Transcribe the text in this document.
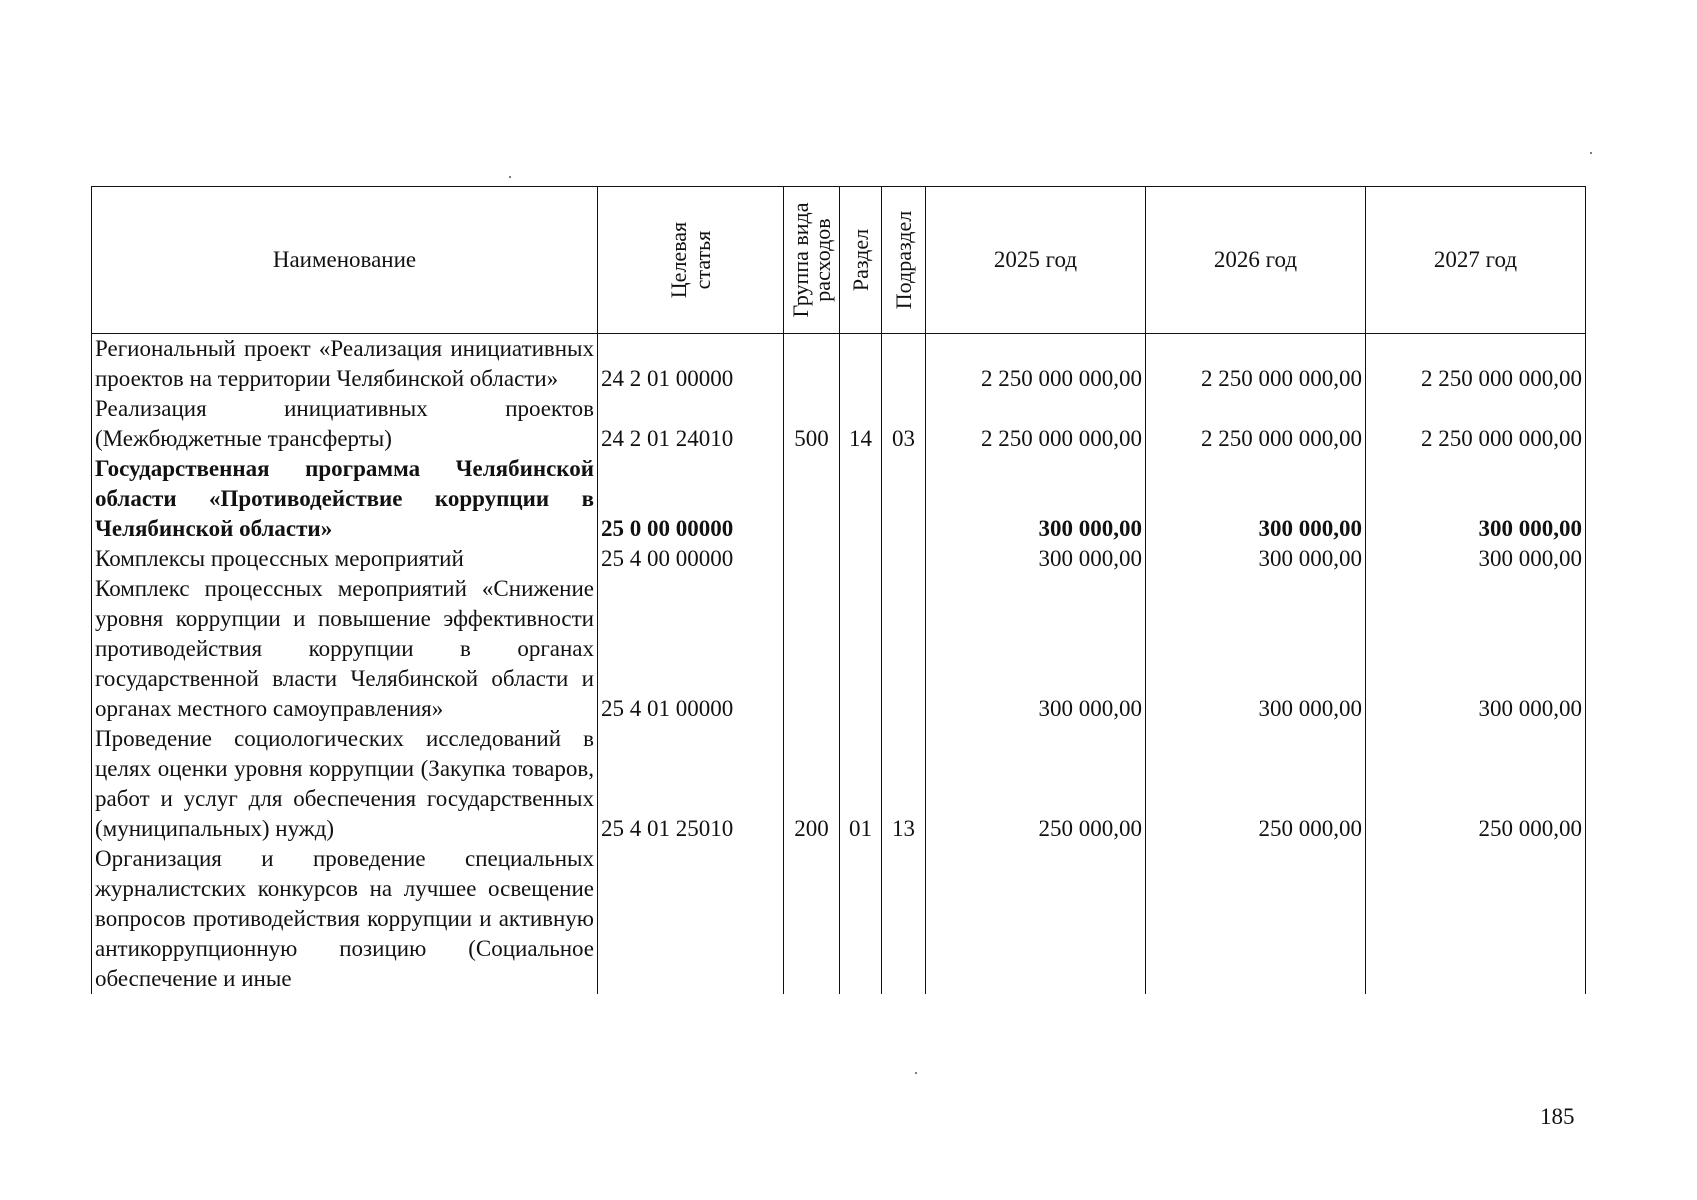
Наименование	Целевая статья	Группа вида расходов	Раздел	Подраздел	2025 год	2026 год	2027 год
Региональный проект «Реализация инициативных проектов на территории Челябинской области»	24 2 01 00000				2 250 000 000,00	2 250 000 000,00	2 250 000 000,00
Реализация инициативных проектов (Межбюджетные трансферты)	24 2 01 24010	500	14	03	2 250 000 000,00	2 250 000 000,00	2 250 000 000,00
Государственная программа Челябинской области «Противодействие коррупции в Челябинской области»	25 0 00 00000				300 000,00	300 000,00	300 000,00
Комплексы процессных мероприятий	25 4 00 00000				300 000,00	300 000,00	300 000,00
Комплекс процессных мероприятий «Снижение уровня коррупции и повышение эффективности противодействия коррупции в органах государственной власти Челябинской области и органах местного самоуправления»	25 4 01 00000				300 000,00	300 000,00	300 000,00
Проведение социологических исследований в целях оценки уровня коррупции (Закупка товаров, работ и услуг для обеспечения государственных (муниципальных) нужд)	25 4 01 25010	200	01	13	250 000,00	250 000,00	250 000,00
Организация и проведение специальных журналистских конкурсов на лучшее освещение вопросов противодействия коррупции и активную антикоррупционную позицию (Социальное обеспечение и иные							
185
